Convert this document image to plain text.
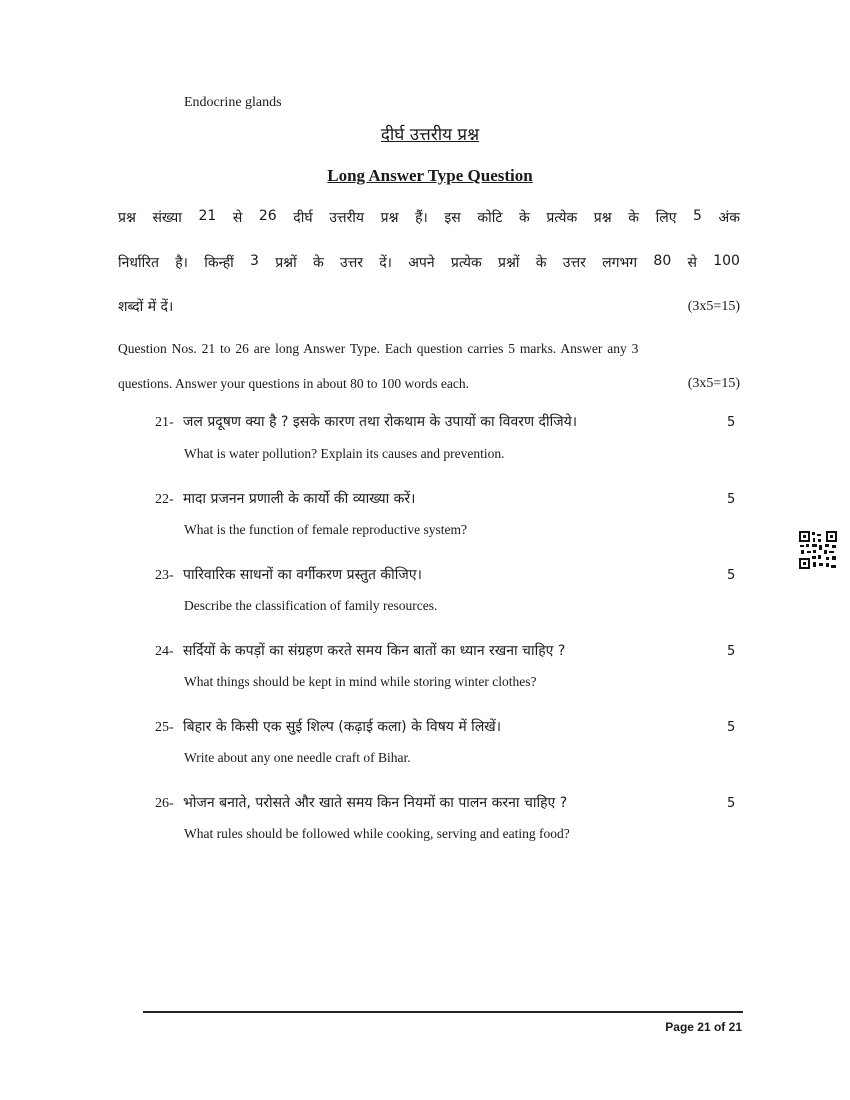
Endocrine glands
दीर्घ उत्तरीय प्रश्न
Long Answer Type Question
प्रश्न संख्या 21 से 26 दीर्घ उत्तरीय प्रश्न हैं। इस कोटि के प्रत्येक प्रश्न के लिए 5 अंक
निर्धारित है। किन्हीं 3 प्रश्नों के उत्तर दें। अपने प्रत्येक प्रश्नों के उत्तर लगभग 80 से 100
शब्दों में दें।	(3x5=15)
Question Nos. 21 to 26 are long Answer Type. Each question carries 5 marks. Answer any 3
questions. Answer your questions in about 80 to 100 words each.	(3x5=15)
21- जल प्रदूषण क्या है ? इसके कारण तथा रोकथाम के उपायों का विवरण दीजिये।	5
What is water pollution? Explain its causes and prevention.
22- मादा प्रजनन प्रणाली के कार्यो की व्याख्या करें।	5
What is the function of female reproductive system?
23- पारिवारिक साधनों का वर्गीकरण प्रस्तुत कीजिए।	5
Describe the classification of family resources.
24- सर्दियों के कपड़ों का संग्रहण करते समय किन बातों का ध्यान रखना चाहिए ?	5
What things should be kept in mind while storing winter clothes?
25- बिहार के किसी एक सुई शिल्प (कढ़ाई कला) के विषय में लिखें।	5
Write about any one needle craft of Bihar.
26- भोजन बनाते, परोसते और खाते समय किन नियमों का पालन करना चाहिए ?	5
What rules should be followed while cooking, serving and eating food?
Page 21 of 21
